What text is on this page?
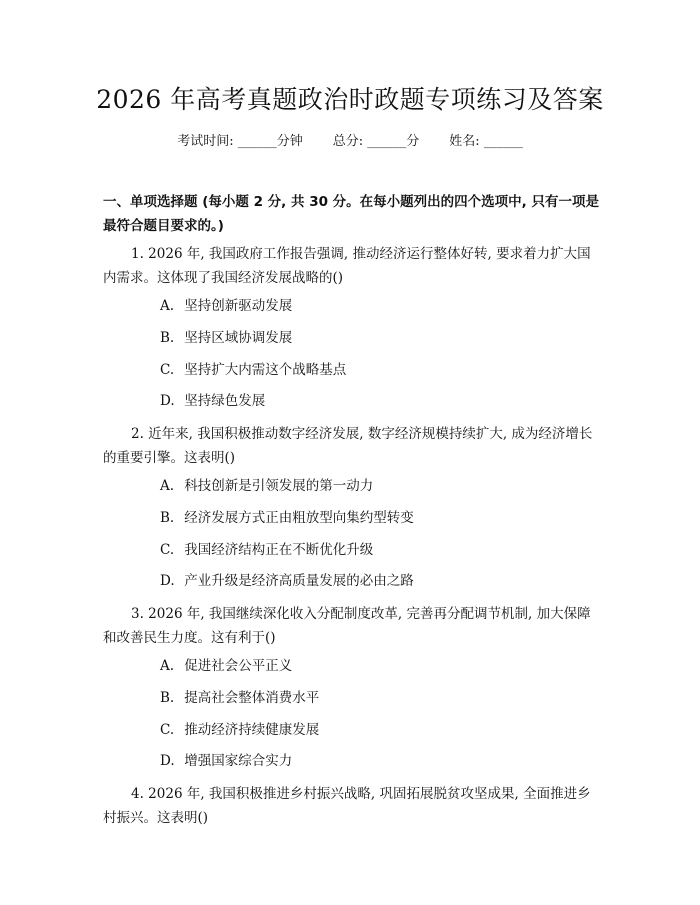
2026 年高考真题政治时政题专项练习及答案
考试时间: ______分钟 总分: ______分 姓名: ______
一、单项选择题 (每小题 2 分, 共 30 分。在每小题列出的四个选项中, 只有一项是最符合题目要求的。)
1. 2026 年, 我国政府工作报告强调, 推动经济运行整体好转, 要求着力扩大国内需求。这体现了我国经济发展战略的()
A. 坚持创新驱动发展
B. 坚持区域协调发展
C. 坚持扩大内需这个战略基点
D. 坚持绿色发展
2. 近年来, 我国积极推动数字经济发展, 数字经济规模持续扩大, 成为经济增长的重要引擎。这表明()
A. 科技创新是引领发展的第一动力
B. 经济发展方式正由粗放型向集约型转变
C. 我国经济结构正在不断优化升级
D. 产业升级是经济高质量发展的必由之路
3. 2026 年, 我国继续深化收入分配制度改革, 完善再分配调节机制, 加大保障和改善民生力度。这有利于()
A. 促进社会公平正义
B. 提高社会整体消费水平
C. 推动经济持续健康发展
D. 增强国家综合实力
4. 2026 年, 我国积极推进乡村振兴战略, 巩固拓展脱贫攻坚成果, 全面推进乡村振兴。这表明()
